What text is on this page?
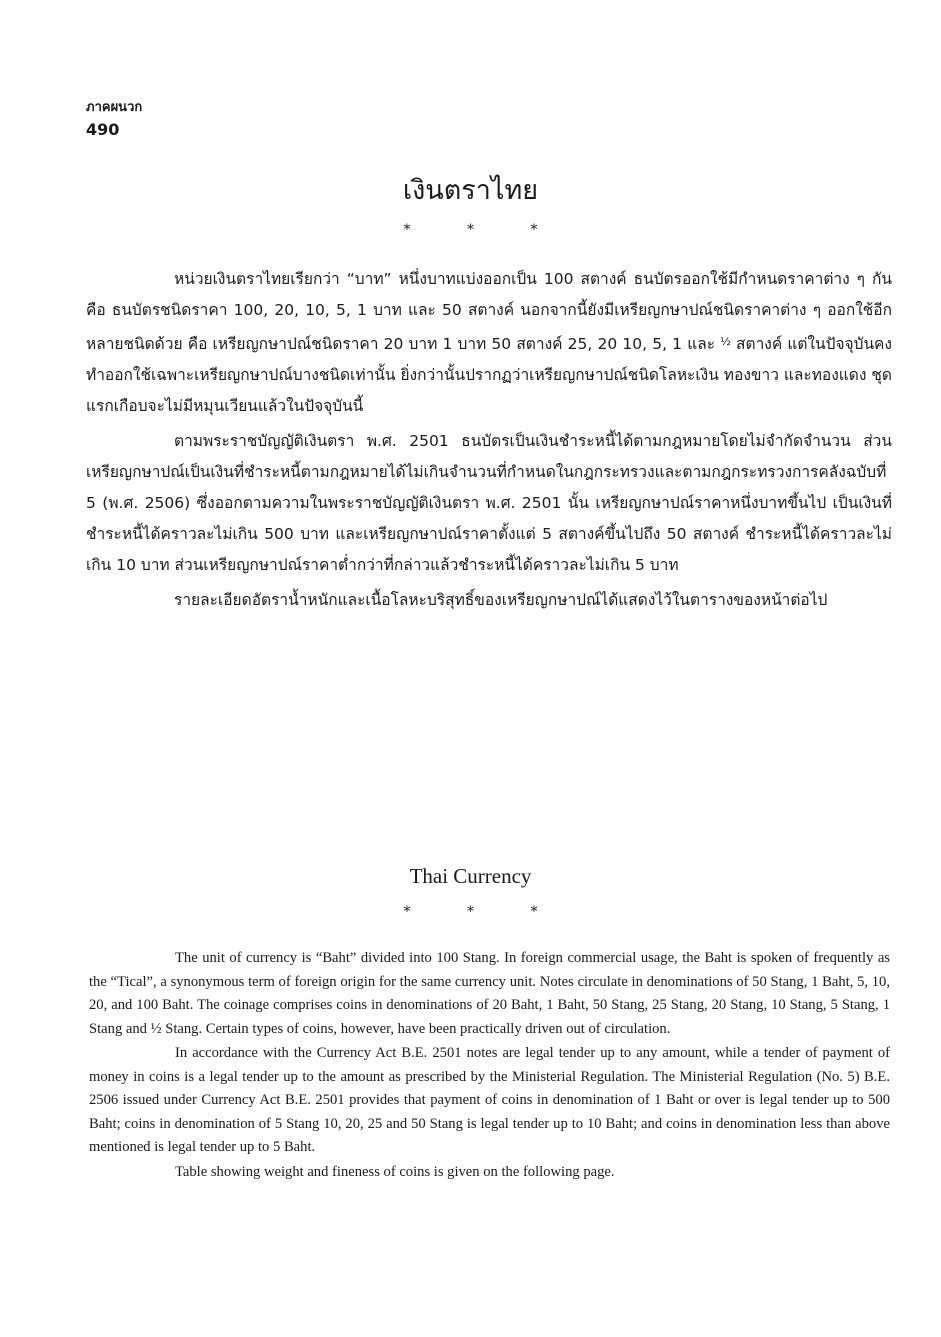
ภาคผนวก
490
เงินตราไทย
* * *

หน่วยเงินตราไทยเรียกว่า “บาท” หนึ่งบาทแบ่งออกเป็น 100 สตางค์ ธนบัตรออกใช้มีกำหนดราคาต่าง ๆ กัน คือ ธนบัตรชนิดราคา 100, 20, 10, 5, 1 บาท และ 50 สตางค์ นอกจากนี้ยังมีเหรียญกษาปณ์ชนิดราคาต่าง ๆ ออกใช้อีกหลายชนิดด้วย คือ เหรียญกษาปณ์ชนิดราคา 20 บาท 1 บาท 50 สตางค์ 25, 20 10, 5, 1 และ $^{\frac{1}{2}}$ สตางค์ แต่ในปัจจุบันคงทำออกใช้เฉพาะเหรียญกษาปณ์บางชนิดเท่านั้น ยิ่งกว่านั้นปรากฏว่าเหรียญกษาปณ์ชนิดโลหะเงิน ทองขาว และทองแดง ชุดแรกเกือบจะไม่มีหมุนเวียนแล้วในปัจจุบันนี้

ตามพระราชบัญญัติเงินตรา พ.ศ. 2501 ธนบัตรเป็นเงินชำระหนี้ได้ตามกฎหมายโดยไม่จำกัดจำนวน ส่วนเหรียญกษาปณ์เป็นเงินที่ชำระหนี้ตามกฎหมายได้ไม่เกินจำนวนที่กำหนดในกฎกระทรวงและตามกฎกระทรวงการคลังฉบับที่ 5 (พ.ศ. 2506) ซึ่งออกตามความในพระราชบัญญัติเงินตรา พ.ศ. 2501 นั้น เหรียญกษาปณ์ราคาหนึ่งบาทขึ้นไป เป็นเงินที่ชำระหนี้ได้คราวละไม่เกิน 500 บาท และเหรียญกษาปณ์ราคาตั้งแต่ 5 สตางค์ขึ้นไปถึง 50 สตางค์ ชำระหนี้ได้คราวละไม่เกิน 10 บาท ส่วนเหรียญกษาปณ์ราคาต่ำกว่าที่กล่าวแล้วชำระหนี้ได้คราวละไม่เกิน 5 บาท

รายละเอียดอัตราน้ำหนักและเนื้อโลหะบริสุทธิ์ของเหรียญกษาปณ์ได้แสดงไว้ในตารางของหน้าต่อไป

Thai Currency
* * *

The unit of currency is “Baht” divided into 100 Stang. In foreign commercial usage, the Baht is spoken of frequently as the “Tical”, a synonymous term of foreign origin for the same currency unit. Notes circulate in denominations of 50 Stang, 1 Baht, 5, 10, 20, and 100 Baht. The coinage comprises coins in denominations of 20 Baht, 1 Baht, 50 Stang, 25 Stang, 20 Stang, 10 Stang, 5 Stang, 1 Stang and ½ Stang. Certain types of coins, however, have been practically driven out of circulation.

In accordance with the Currency Act B.E. 2501 notes are legal tender up to any amount, while a tender of payment of money in coins is a legal tender up to the amount as prescribed by the Ministerial Regulation. The Ministerial Regulation (No. 5) B.E. 2506 issued under Currency Act B.E. 2501 provides that payment of coins in denomination of 1 Baht or over is legal tender up to 500 Baht; coins in denomination of 5 Stang 10, 20, 25 and 50 Stang is legal tender up to 10 Baht; and coins in denomination less than above mentioned is legal tender up to 5 Baht.

Table showing weight and fineness of coins is given on the following page.
